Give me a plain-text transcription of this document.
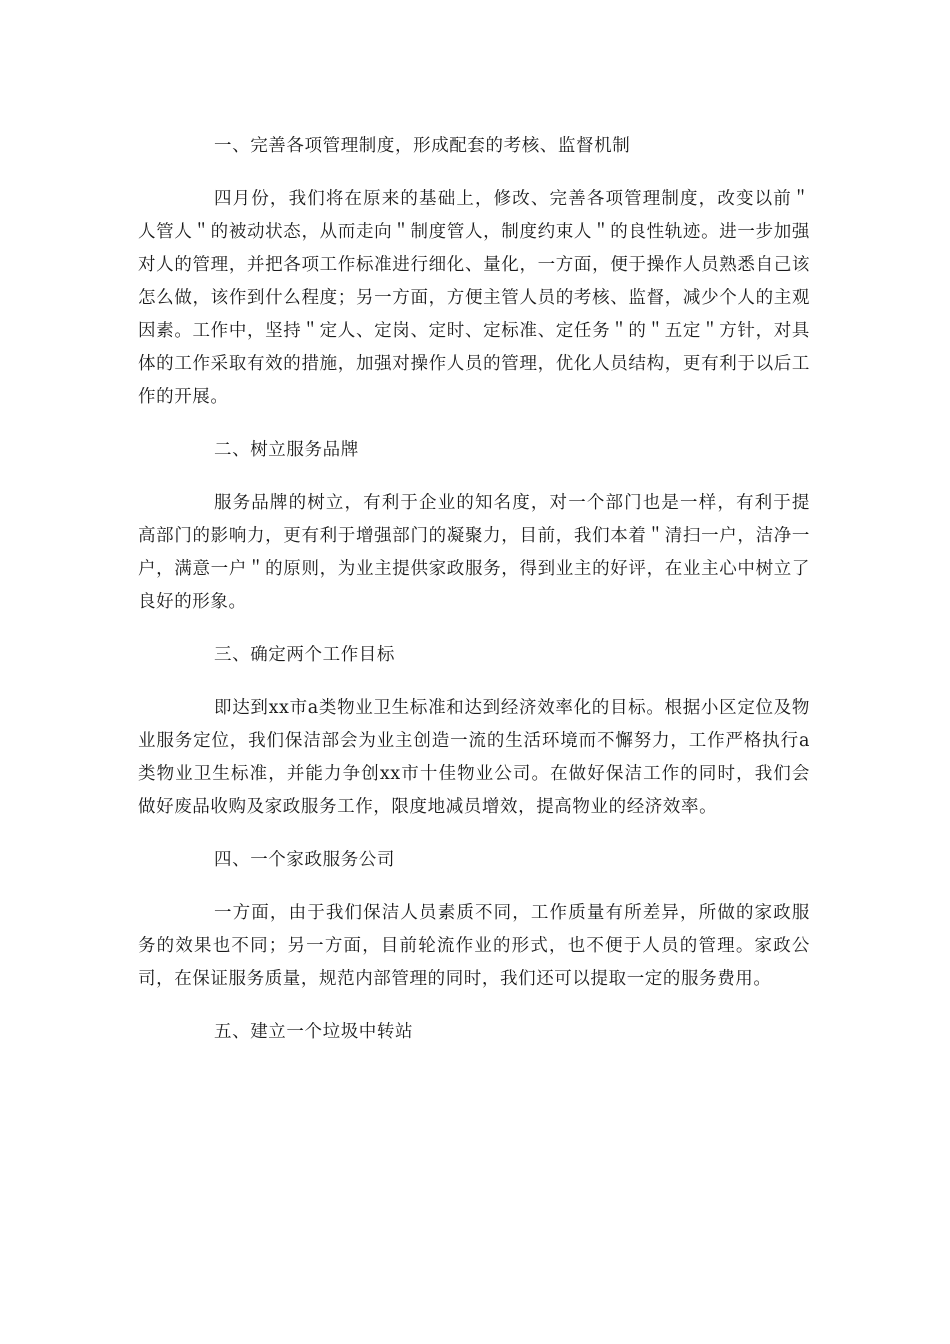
一、完善各项管理制度，形成配套的考核、监督机制

四月份，我们将在原来的基础上，修改、完善各项管理制度，改变以前＂人管人＂的被动状态，从而走向＂制度管人，制度约束人＂的良性轨迹。进一步加强对人的管理，并把各项工作标准进行细化、量化，一方面，便于操作人员熟悉自己该怎么做，该作到什么程度；另一方面，方便主管人员的考核、监督，减少个人的主观因素。工作中，坚持＂定人、定岗、定时、定标准、定任务＂的＂五定＂方针，对具体的工作采取有效的措施，加强对操作人员的管理，优化人员结构，更有利于以后工作的开展。

二、树立服务品牌

服务品牌的树立，有利于企业的知名度，对一个部门也是一样，有利于提高部门的影响力，更有利于增强部门的凝聚力，目前，我们本着＂清扫一户，洁净一户，满意一户＂的原则，为业主提供家政服务，得到业主的好评，在业主心中树立了良好的形象。

三、确定两个工作目标

即达到xx市a类物业卫生标准和达到经济效率化的目标。根据小区定位及物业服务定位，我们保洁部会为业主创造一流的生活环境而不懈努力，工作严格执行a类物业卫生标准，并能力争创xx市十佳物业公司。在做好保洁工作的同时，我们会做好废品收购及家政服务工作，限度地减员增效，提高物业的经济效率。

四、一个家政服务公司

一方面，由于我们保洁人员素质不同，工作质量有所差异，所做的家政服务的效果也不同；另一方面，目前轮流作业的形式，也不便于人员的管理。家政公司，在保证服务质量，规范内部管理的同时，我们还可以提取一定的服务费用。

五、建立一个垃圾中转站
